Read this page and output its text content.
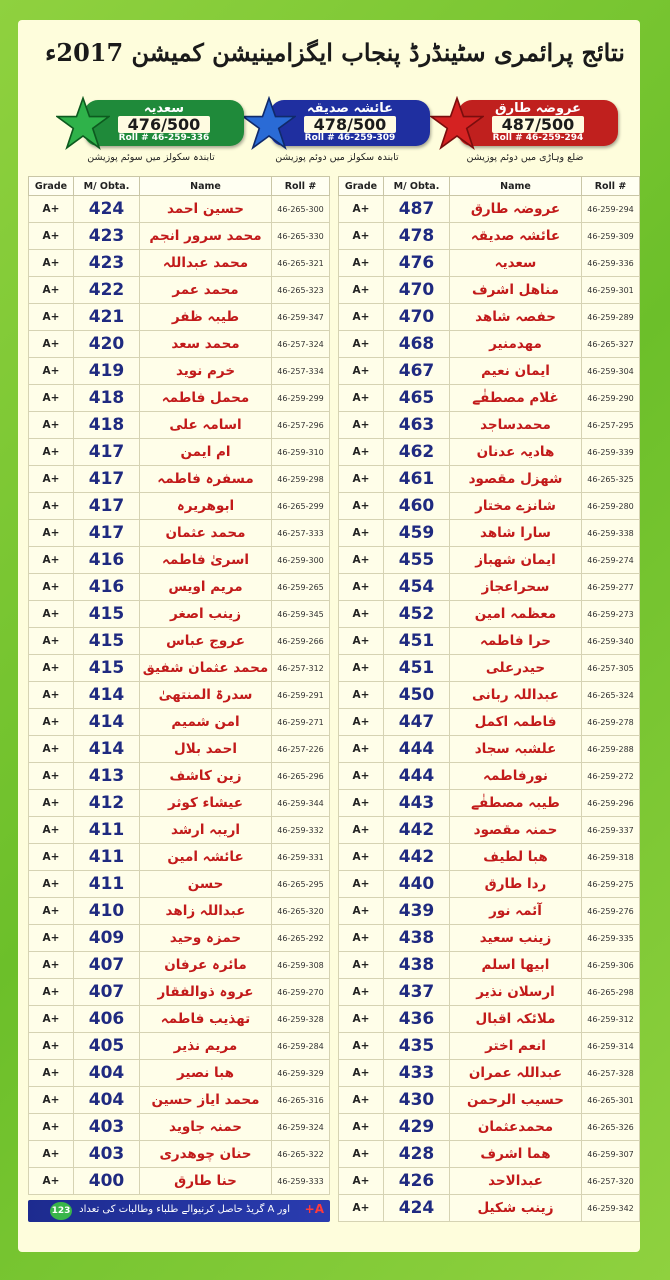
نتائج پرائمری سٹینڈرڈ پنجاب ایگزامینیشن کمیشن 2017ء
عروضہ طارق
487/500
Roll # 46-259-294
ضلع وہاڑی میں دوئم پوزیشن
عائشہ صدیقہ
478/500
Roll # 46-259-309
تابندہ سکولز میں دوئم پوزیشن
سعدیہ
476/500
Roll # 46-259-336
تابندہ سکولز میں سوئم پوزیشن
Grade	M/ Obta.	Name	Roll #
A+	424	حسین احمد	46-265-300
A+	423	محمد سرور انجم	46-265-330
A+	423	محمد عبداللہ	46-265-321
A+	422	محمد عمر	46-265-323
A+	421	طیبہ ظفر	46-259-347
A+	420	محمد سعد	46-257-324
A+	419	خرم نوید	46-257-334
A+	418	محمل فاطمہ	46-259-299
A+	418	اسامہ علی	46-257-296
A+	417	ام ایمن	46-259-310
A+	417	مسفرہ فاطمہ	46-259-298
A+	417	ابوهریرہ	46-265-299
A+	417	محمد عثمان	46-257-333
A+	416	اسریٰ فاطمہ	46-259-300
A+	416	مریم اویس	46-259-265
A+	415	زینب اصغر	46-259-345
A+	415	عروج عباس	46-259-266
A+	415	محمد عثمان شفیق	46-257-312
A+	414	سدرۃ المنتهیٰ	46-259-291
A+	414	امن شمیم	46-259-271
A+	414	احمد بلال	46-257-226
A+	413	زین کاشف	46-265-296
A+	412	عیشاء کوثر	46-259-344
A+	411	اریبہ ارشد	46-259-332
A+	411	عائشہ امین	46-259-331
A+	411	حسن	46-265-295
A+	410	عبداللہ زاهد	46-265-320
A+	409	حمزہ وحید	46-265-292
A+	407	مائرہ عرفان	46-259-308
A+	407	عروہ ذوالفقار	46-259-270
A+	406	تهذیب فاطمہ	46-259-328
A+	405	مریم نذیر	46-259-284
A+	404	هبا نصیر	46-259-329
A+	404	محمد ایاز حسین	46-265-316
A+	403	حمنہ جاوید	46-259-324
A+	403	حنان چوهدری	46-265-322
A+	400	حنا طارق	46-259-333
Grade	M/ Obta.	Name	Roll #
A+	487	عروضہ طارق	46-259-294
A+	478	عائشہ صدیقہ	46-259-309
A+	476	سعدیہ	46-259-336
A+	470	مناهل اشرف	46-259-301
A+	470	حفصہ شاهد	46-259-289
A+	468	مهدمنير	46-265-327
A+	467	ایمان نعیم	46-259-304
A+	465	غلام مصطفٰے	46-259-290
A+	463	محمدساجد	46-257-295
A+	462	هادیہ عدنان	46-259-339
A+	461	شهزل مقصود	46-265-325
A+	460	شانزے مختار	46-259-280
A+	459	سارا شاهد	46-259-338
A+	455	ایمان شهباز	46-259-274
A+	454	سحراعجاز	46-259-277
A+	452	معظمہ امین	46-259-273
A+	451	حرا فاطمہ	46-259-340
A+	451	حیدرعلی	46-257-305
A+	450	عبداللہ ربانی	46-265-324
A+	447	فاطمہ اکمل	46-259-278
A+	444	علشبہ سجاد	46-259-288
A+	444	نورفاطمہ	46-259-272
A+	443	طیبہ مصطفٰے	46-259-296
A+	442	حمنہ مقصود	46-259-337
A+	442	هبا لطیف	46-259-318
A+	440	ردا طارق	46-259-275
A+	439	آئمہ نور	46-259-276
A+	438	زینب سعید	46-259-335
A+	438	ابیها اسلم	46-259-306
A+	437	ارسلان نذیر	46-265-298
A+	436	ملائکہ اقبال	46-259-312
A+	435	انعم اختر	46-259-314
A+	433	عبداللہ عمران	46-257-328
A+	430	حسیب الرحمن	46-265-301
A+	429	محمدعثمان	46-265-326
A+	428	هما اشرف	46-259-307
A+	426	عبدالاحد	46-257-320
A+	424	زینب شکیل	46-259-342
A+
اور A گریڈ حاصل کرنیوالے طلباء وطالبات کی تعداد
123
